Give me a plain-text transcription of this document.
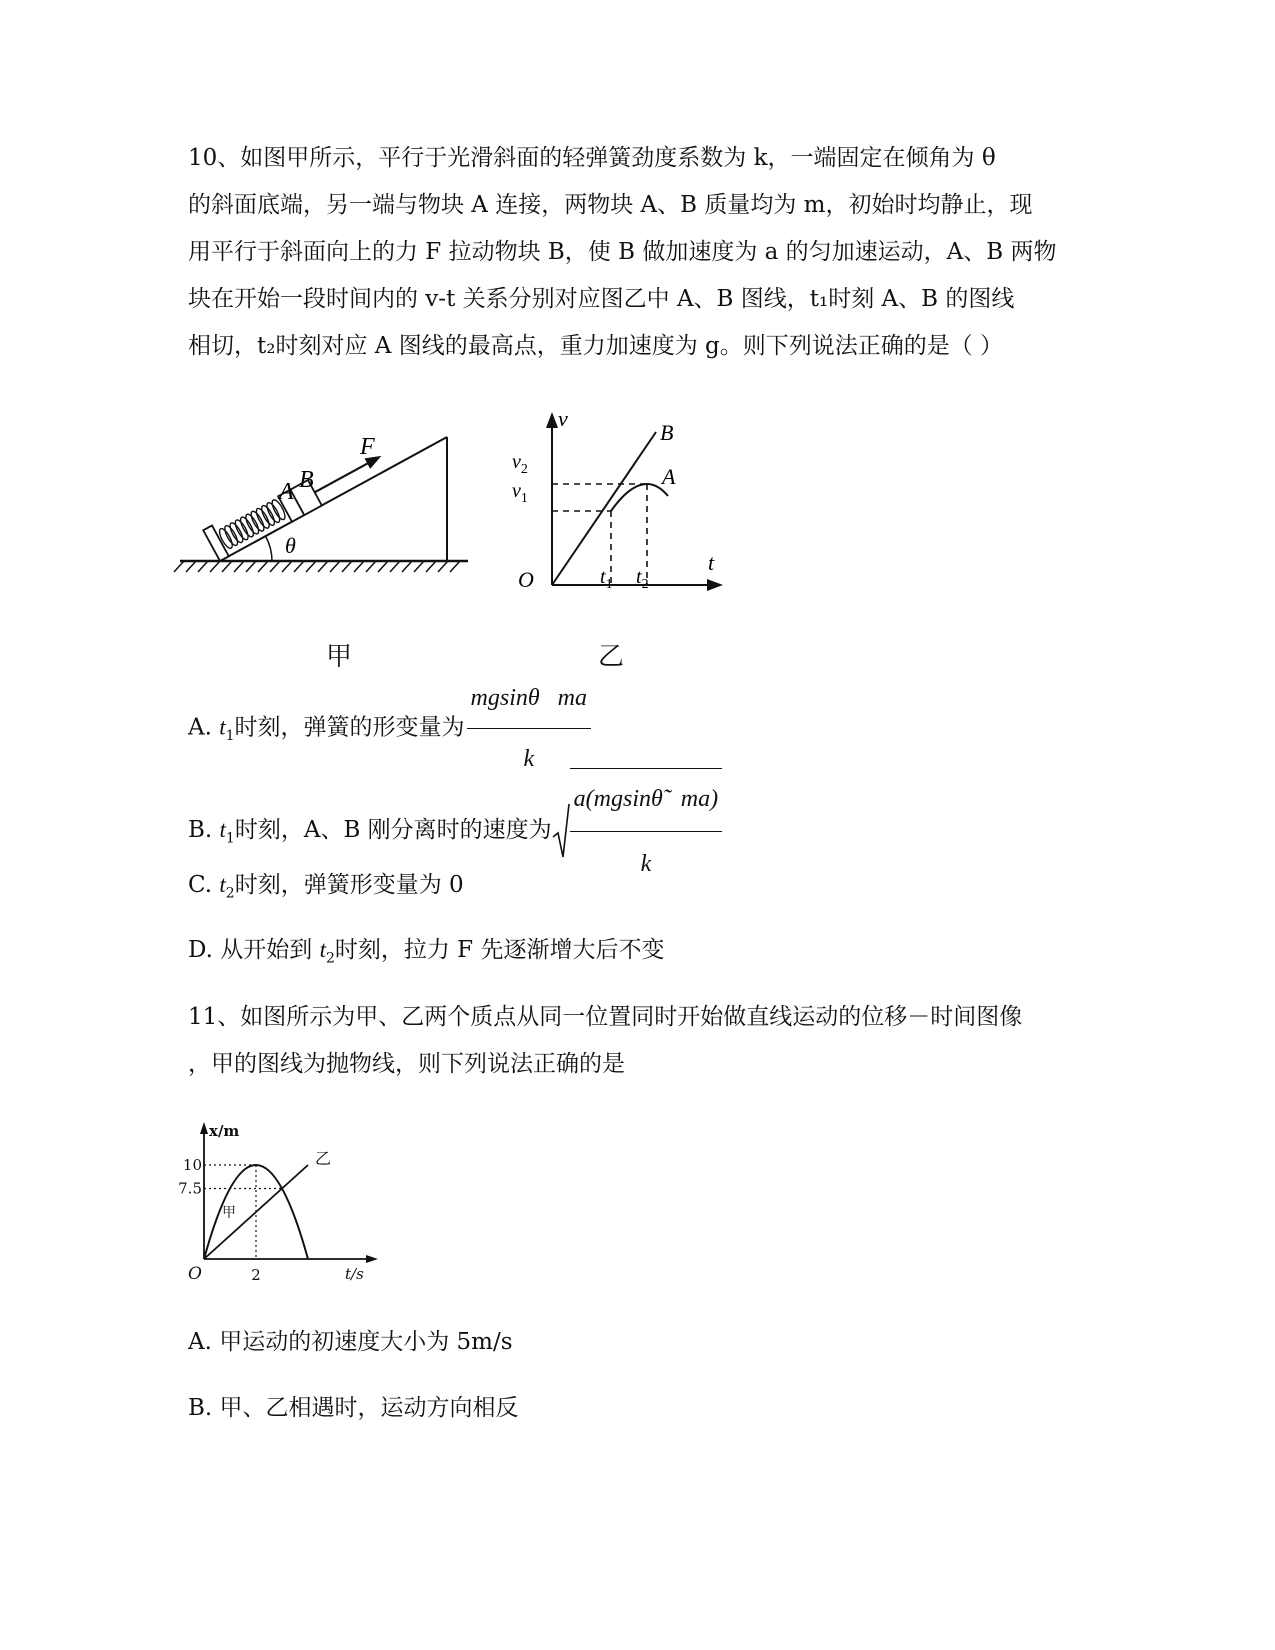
10、如图甲所示，平行于光滑斜面的轻弹簧劲度系数为 k，一端固定在倾角为 θ
的斜面底端，另一端与物块 A 连接，两物块 A、B 质量均为 m，初始时均静止，现
用平行于斜面向上的力 F 拉动物块 B，使 B 做加速度为 a 的匀加速运动，A、B 两物
块在开始一段时间内的 v-t 关系分别对应图乙中 A、B 图线，t₁时刻 A、B 的图线
相切，t₂时刻对应 A 图线的最高点，重力加速度为 g。则下列说法正确的是（ ）
F
B
A
θ
甲
v
t
O
B
A
$v_2$
$v_1$
$t_1$ $t_2$
乙
A. $t_1$时刻，弹簧的形变量为 $\frac{\text{mgsinθ   ma}}{k}$
B. $t_1$时刻，A、B 刚分离时的速度为 $\frac{a(mgsin\thetã ma)}{k}$
C. $t_2$时刻，弹簧形变量为 0
D. 从开始到 $t_2$时刻，拉力 F 先逐渐增大后不变
11、如图所示为甲、乙两个质点从同一位置同时开始做直线运动的位移－时间图像
，甲的图线为抛物线，则下列说法正确的是
x/m
t/s
O	2
10
7.5
甲
乙
A. 甲运动的初速度大小为 5m/s
B. 甲、乙相遇时，运动方向相反
